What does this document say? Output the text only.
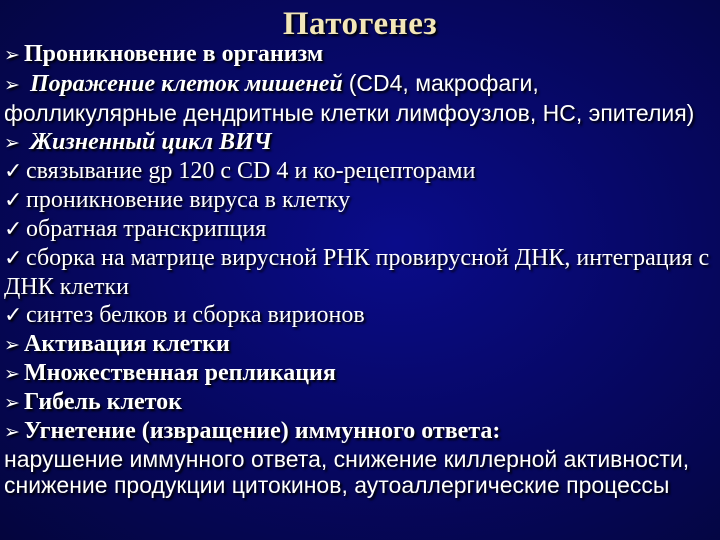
Патогенез
➢ Проникновение в организм
➢ Поражение клеток мишеней (CD4, макрофаги, фолликулярные дендритные клетки лимфоузлов, НС, эпителия)
➢ Жизненный цикл ВИЧ
✓ связывание gp 120 с CD 4 и ко-рецепторами
✓ проникновение вируса в клетку
✓ обратная транскрипция
✓ сборка на матрице вирусной РНК провирусной ДНК, интеграция с ДНК клетки
✓ синтез белков и сборка вирионов
➢ Активация клетки
➢ Множественная репликация
➢ Гибель клеток
➢ Угнетение (извращение) иммунного ответа:
нарушение иммунного ответа, снижение киллерной активности, снижение продукции цитокинов, аутоаллергические процессы
